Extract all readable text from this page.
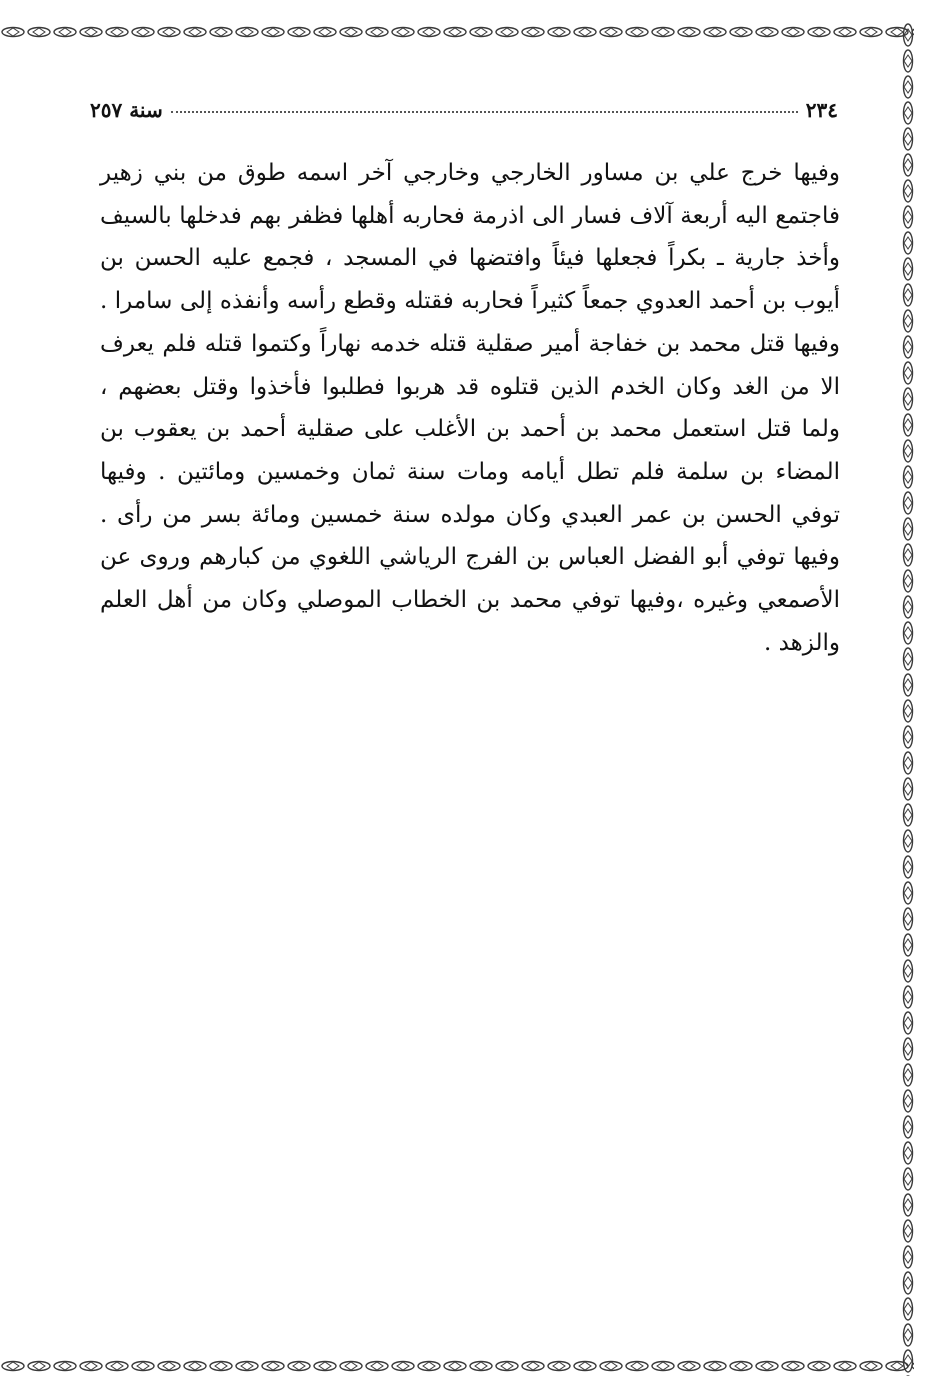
٢٣٤
سنة ٢٥٧

وفيها خرج علي بن مساور الخارجي وخارجي آخر اسمه طوق من بني زهير فاجتمع اليه أربعة آلاف فسار الى اذرمة فحاربه أهلها فظفر بهم فدخلها بالسيف وأخذ جارية ـ بكراً فجعلها فيئاً وافتضها في المسجد ، فجمع عليه الحسن بن أيوب بن أحمد العدوي جمعاً كثيراً فحاربه فقتله وقطع رأسه وأنفذه إلى سامرا . وفيها قتل محمد بن خفاجة أمير صقلية قتله خدمه نهاراً وكتموا قتله فلم يعرف الا من الغد وكان الخدم الذين قتلوه قد هربوا فطلبوا فأخذوا وقتل بعضهم ، ولما قتل استعمل محمد بن أحمد بن الأغلب على صقلية أحمد بن يعقوب بن المضاء بن سلمة فلم تطل أيامه ومات سنة ثمان وخمسين ومائتين . وفيها توفي الحسن بن عمر العبدي وكان مولده سنة خمسين ومائة بسر من رأى . وفيها توفي أبو الفضل العباس بن الفرج الرياشي اللغوي من كبارهم وروى عن الأصمعي وغيره ،وفيها توفي محمد بن الخطاب الموصلي وكان من أهل العلم والزهد .
